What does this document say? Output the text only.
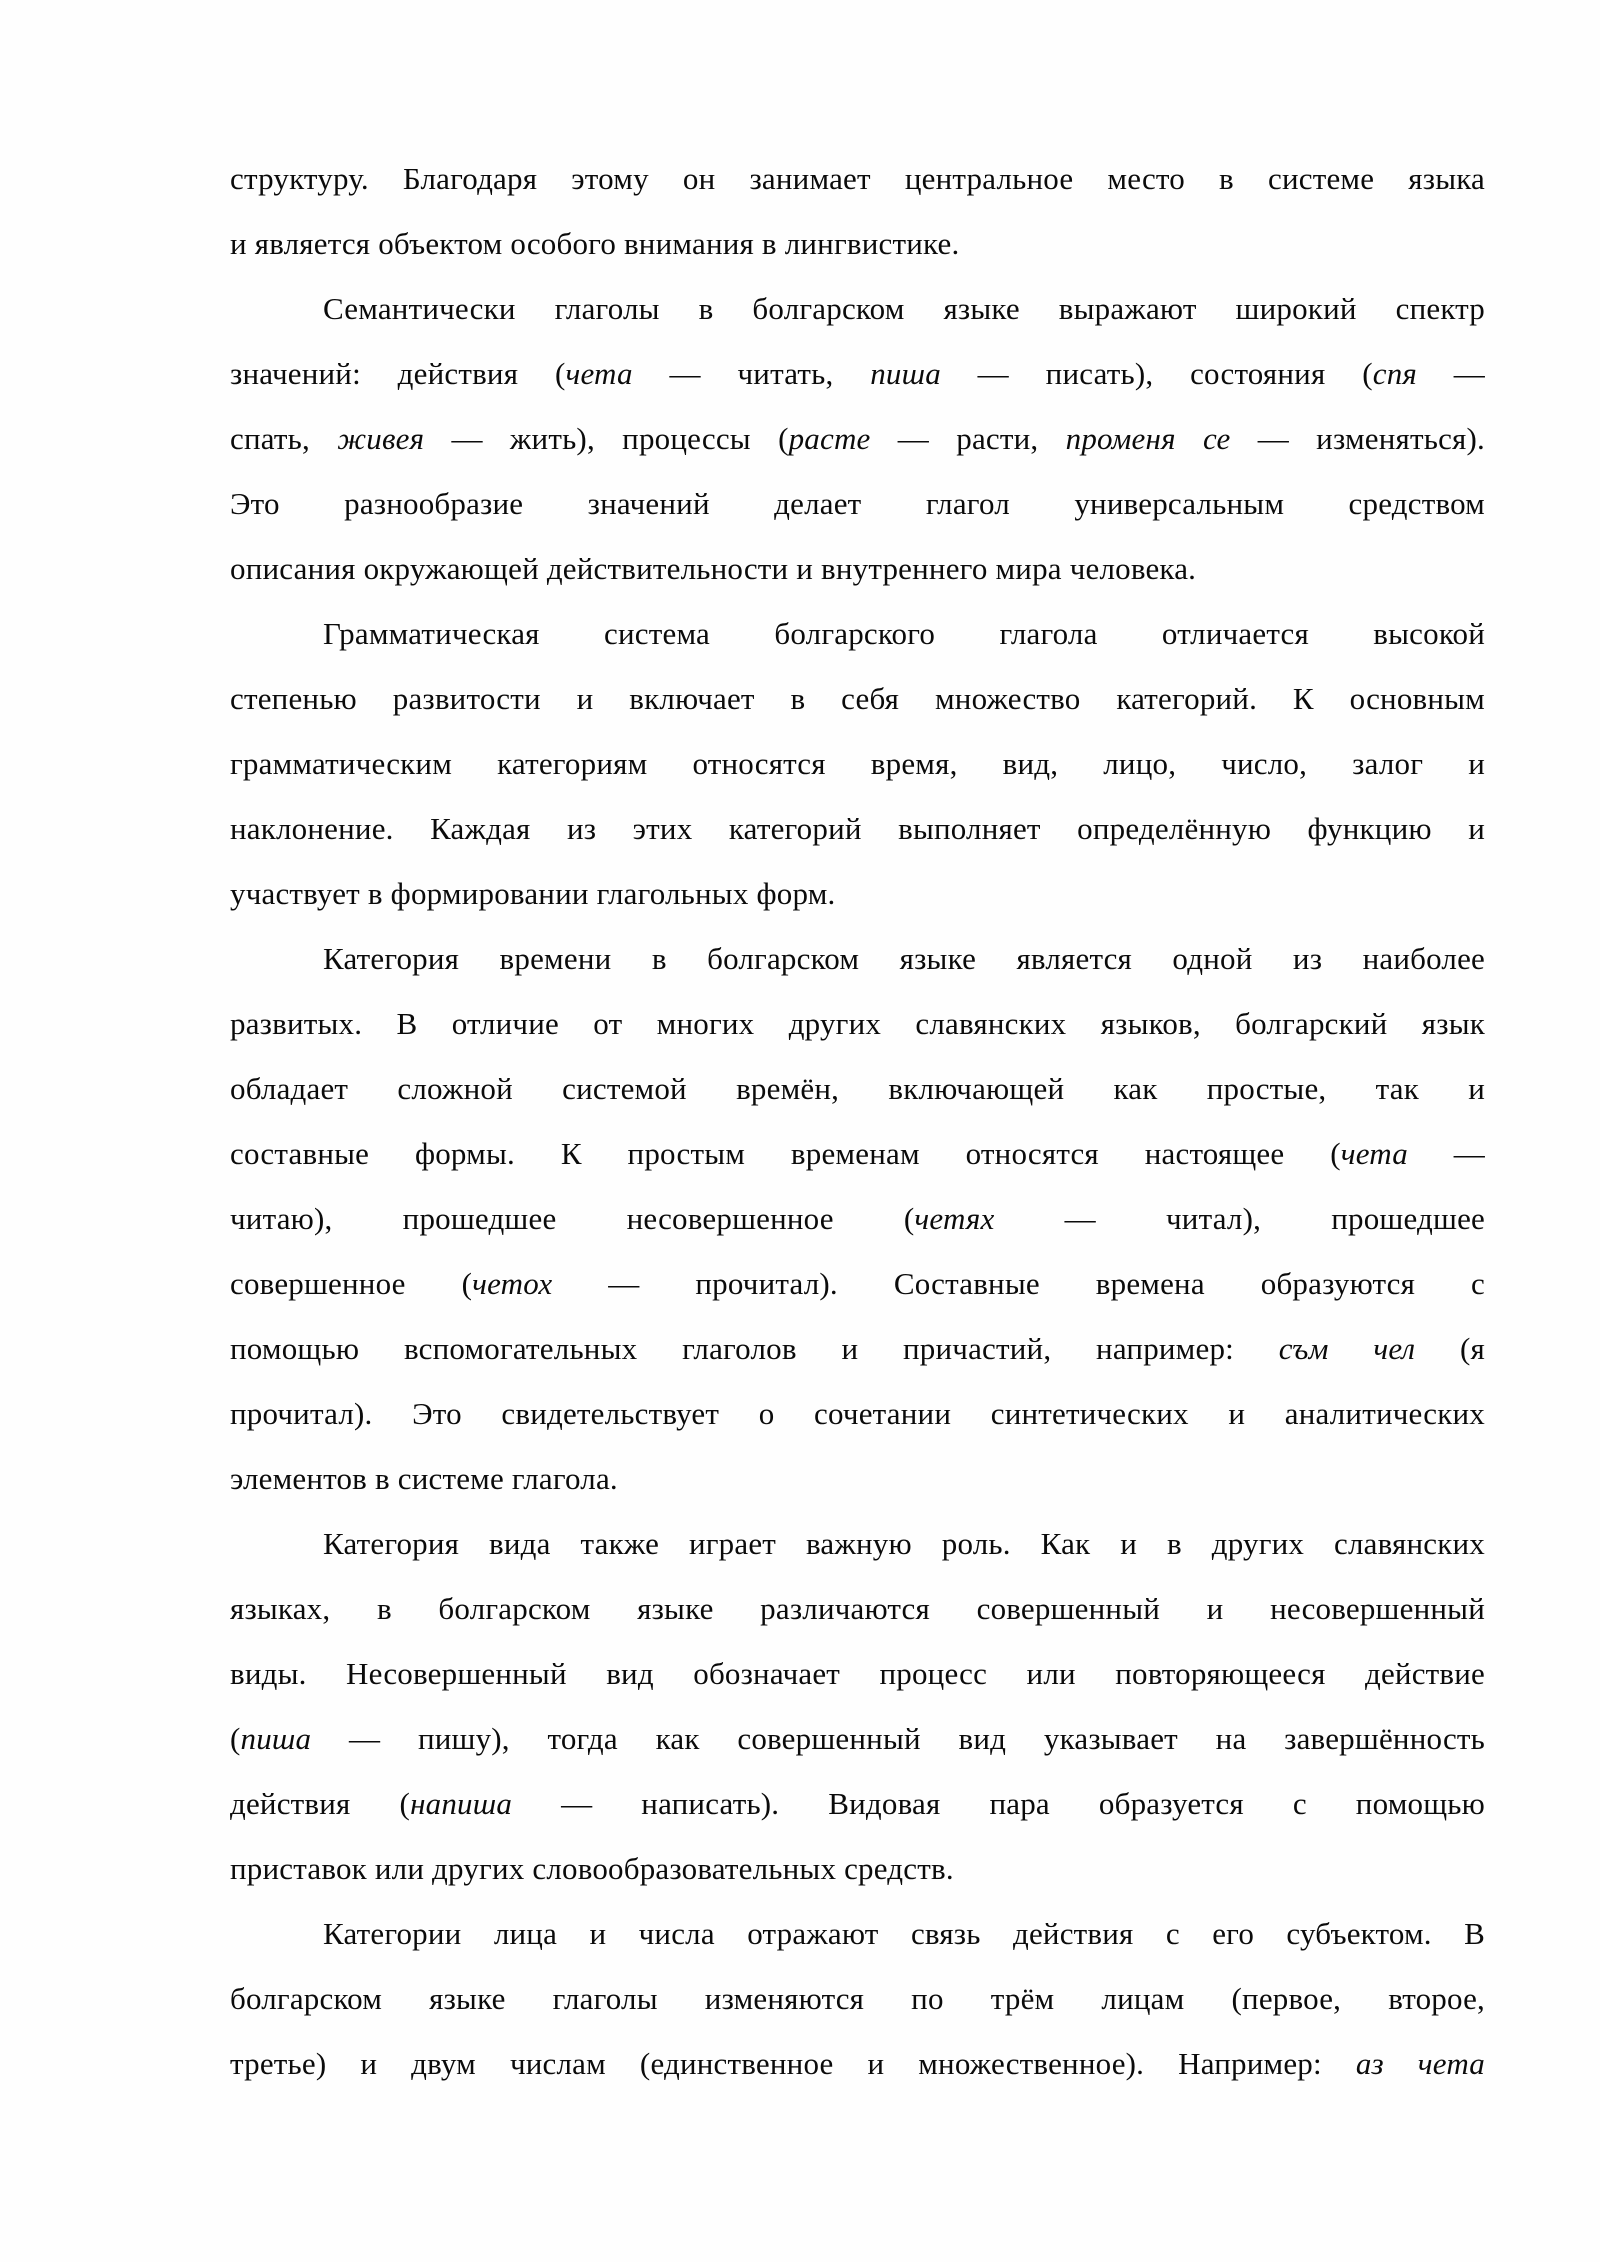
структуру. Благодаря этому он занимает центральное место в системе языка
и является объектом особого внимания в лингвистике.
Семантически глаголы в болгарском языке выражают широкий спектр
значений: действия (чета — читать, пиша — писать), состояния (спя —
спать, живея — жить), процессы (расте — расти, променя се — изменяться).
Это разнообразие значений делает глагол универсальным средством
описания окружающей действительности и внутреннего мира человека.
Грамматическая система болгарского глагола отличается высокой
степенью развитости и включает в себя множество категорий. К основным
грамматическим категориям относятся время, вид, лицо, число, залог и
наклонение. Каждая из этих категорий выполняет определённую функцию и
участвует в формировании глагольных форм.
Категория времени в болгарском языке является одной из наиболее
развитых. В отличие от многих других славянских языков, болгарский язык
обладает сложной системой времён, включающей как простые, так и
составные формы. К простым временам относятся настоящее (чета —
читаю), прошедшее несовершенное (четях — читал), прошедшее
совершенное (четох — прочитал). Составные времена образуются с
помощью вспомогательных глаголов и причастий, например: съм чел (я
прочитал). Это свидетельствует о сочетании синтетических и аналитических
элементов в системе глагола.
Категория вида также играет важную роль. Как и в других славянских
языках, в болгарском языке различаются совершенный и несовершенный
виды. Несовершенный вид обозначает процесс или повторяющееся действие
(пиша — пишу), тогда как совершенный вид указывает на завершённость
действия (напиша — написать). Видовая пара образуется с помощью
приставок или других словообразовательных средств.
Категории лица и числа отражают связь действия с его субъектом. В
болгарском языке глаголы изменяются по трём лицам (первое, второе,
третье) и двум числам (единственное и множественное). Например: аз чета
